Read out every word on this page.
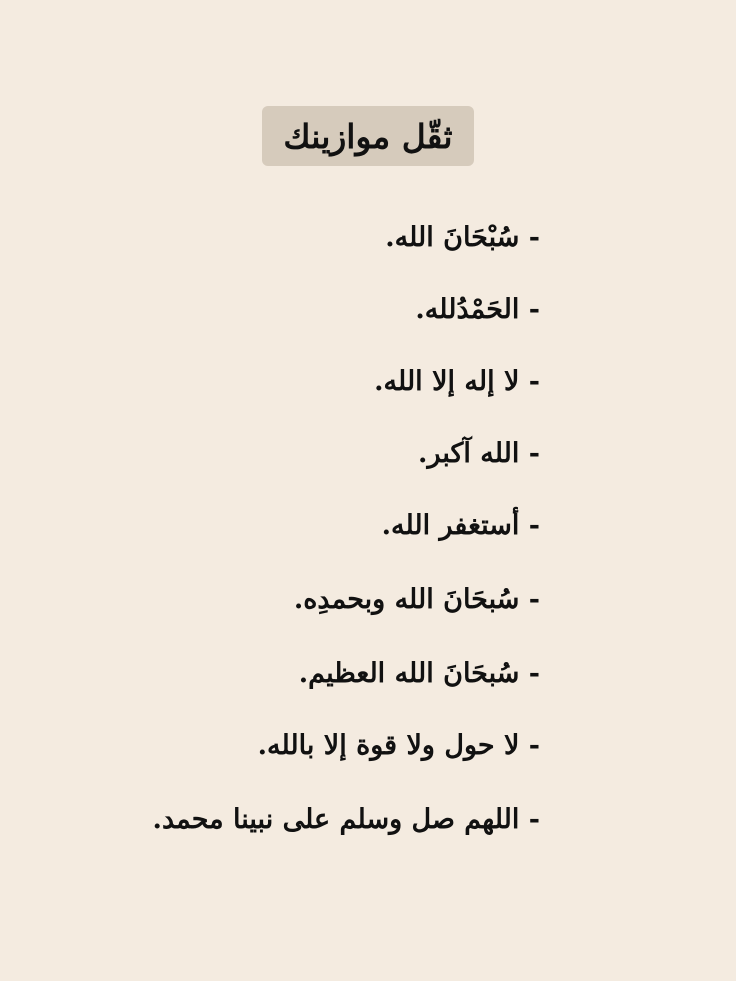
ثقّل موازينك
- سُبْحَانَ الله.
- الحَمْدُلله.
- لا إله إلا الله.
- الله آكبر.
- أستغفر الله.
- سُبحَانَ الله وبحمدِه.
- سُبحَانَ الله العظيم.
- لا حول ولا قوة إلا بالله.
- اللهم صل وسلم على نبينا محمد.
